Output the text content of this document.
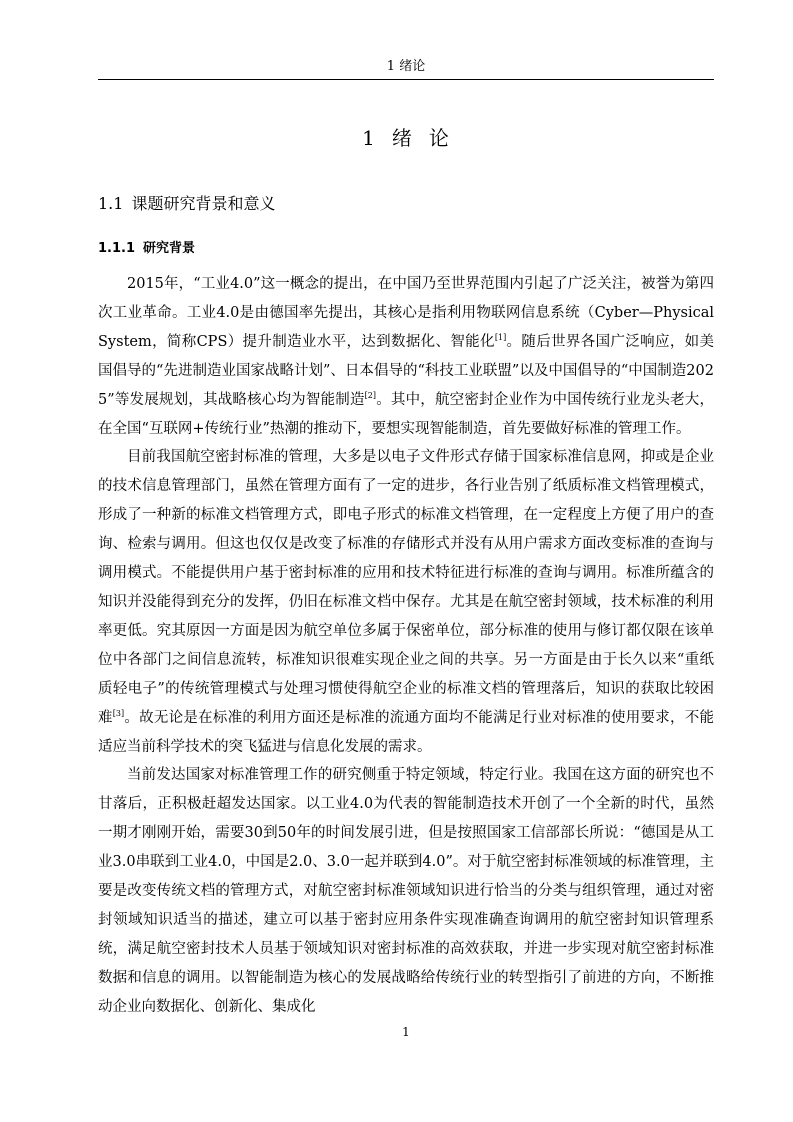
1 绪论
1 绪 论
1.1 课题研究背景和意义
1.1.1 研究背景

2015年，“工业4.0”这一概念的提出，在中国乃至世界范围内引起了广泛关注，被誉为第四次工业革命。工业4.0是由德国率先提出，其核心是指利用物联网信息系统（Cyber—Physical System，简称CPS）提升制造业水平，达到数据化、智能化[1]。随后世界各国广泛响应，如美国倡导的“先进制造业国家战略计划”、日本倡导的“科技工业联盟”以及中国倡导的“中国制造2025”等发展规划，其战略核心均为智能制造[2]。其中，航空密封企业作为中国传统行业龙头老大，在全国“互联网+传统行业”热潮的推动下，要想实现智能制造，首先要做好标准的管理工作。

目前我国航空密封标准的管理，大多是以电子文件形式存储于国家标准信息网，抑或是企业的技术信息管理部门，虽然在管理方面有了一定的进步，各行业告别了纸质标准文档管理模式，形成了一种新的标准文档管理方式，即电子形式的标准文档管理，在一定程度上方便了用户的查询、检索与调用。但这也仅仅是改变了标准的存储形式并没有从用户需求方面改变标准的查询与调用模式。不能提供用户基于密封标准的应用和技术特征进行标准的查询与调用。标准所蕴含的知识并没能得到充分的发挥，仍旧在标准文档中保存。尤其是在航空密封领域，技术标准的利用率更低。究其原因一方面是因为航空单位多属于保密单位，部分标准的使用与修订都仅限在该单位中各部门之间信息流转，标准知识很难实现企业之间的共享。另一方面是由于长久以来“重纸质轻电子”的传统管理模式与处理习惯使得航空企业的标准文档的管理落后，知识的获取比较困难[3]。故无论是在标准的利用方面还是标准的流通方面均不能满足行业对标准的使用要求，不能适应当前科学技术的突飞猛进与信息化发展的需求。

当前发达国家对标准管理工作的研究侧重于特定领域，特定行业。我国在这方面的研究也不甘落后，正积极赶超发达国家。以工业4.0为代表的智能制造技术开创了一个全新的时代，虽然一期才刚刚开始，需要30到50年的时间发展引进，但是按照国家工信部部长所说：“德国是从工业3.0串联到工业4.0，中国是2.0、3.0一起并联到4.0”。对于航空密封标准领域的标准管理，主要是改变传统文档的管理方式，对航空密封标准领域知识进行恰当的分类与组织管理，通过对密封领域知识适当的描述，建立可以基于密封应用条件实现准确查询调用的航空密封知识管理系统，满足航空密封技术人员基于领域知识对密封标准的高效获取，并进一步实现对航空密封标准数据和信息的调用。以智能制造为核心的发展战略给传统行业的转型指引了前进的方向，不断推动企业向数据化、创新化、集成化

1
